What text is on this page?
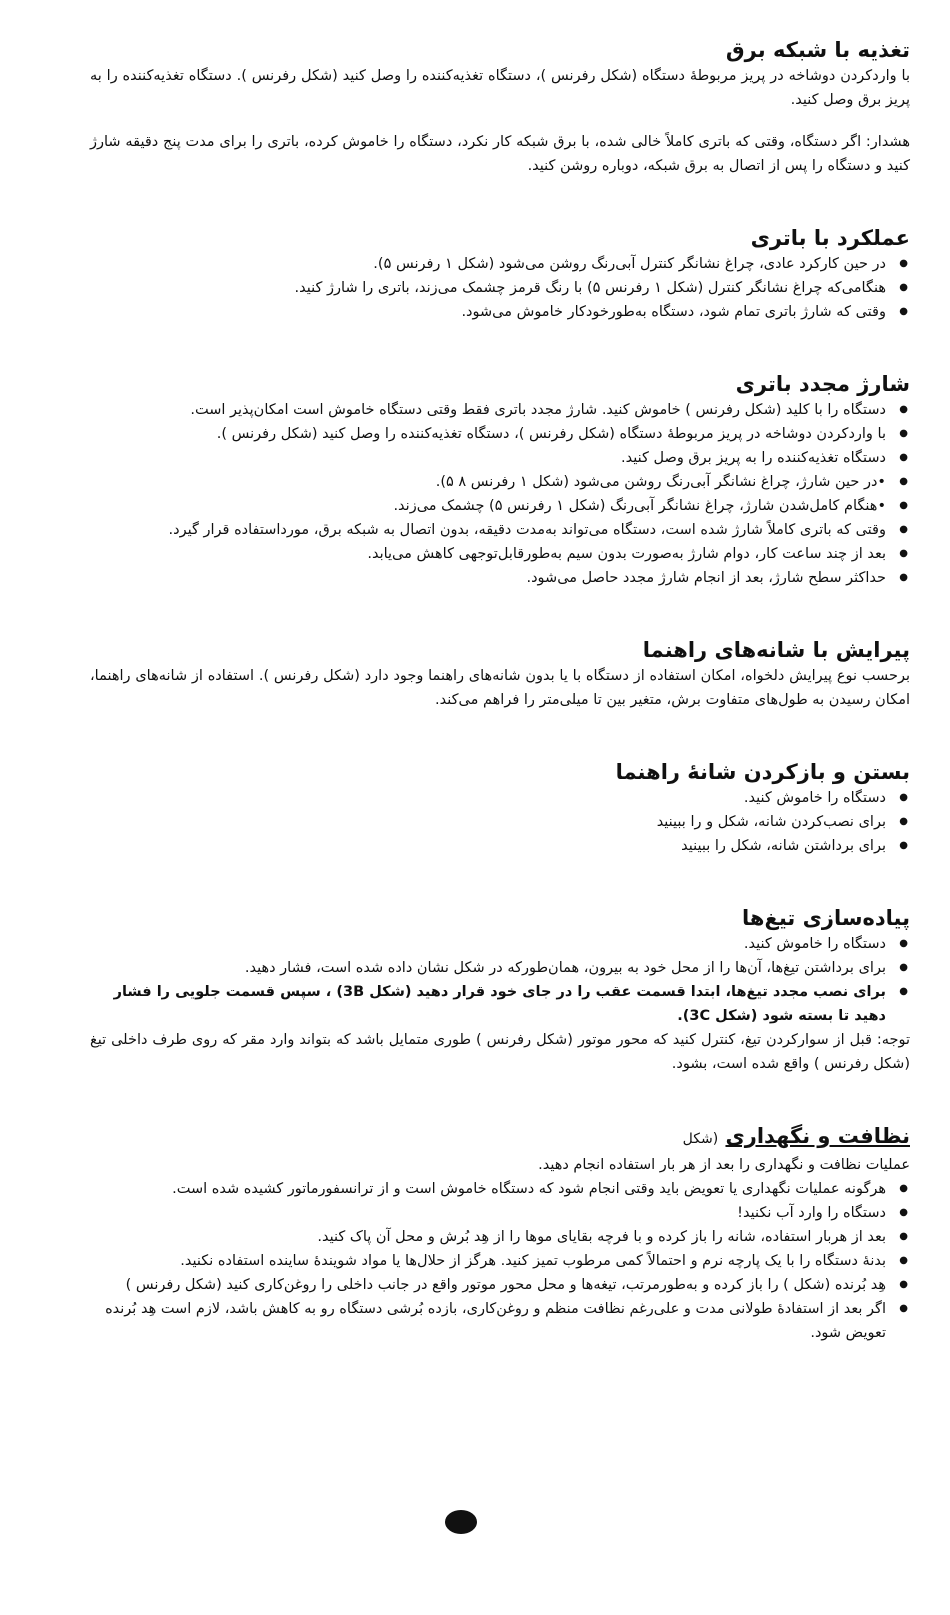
تغذیه با شبکه برق

با واردکردن دوشاخه در پریز مربوطهٔ دستگاه (شکل رفرنس )، دستگاه تغذیه‌کننده را وصل کنید (شکل رفرنس ). دستگاه تغذیه‌کننده را به پریز برق وصل کنید.

هشدار: اگر دستگاه، وقتی که باتری کاملاً خالی شده، با برق شبکه کار نکرد، دستگاه را خاموش کرده، باتری را برای مدت پنج دقیقه شارژ کنید و دستگاه را پس از اتصال به برق شبکه، دوباره روشن کنید.

عملکرد با باتری
● در حین کارکرد عادی، چراغ نشانگر کنترل آبی‌رنگ روشن می‌شود (شکل ۱ رفرنس ۵).
● هنگامی‌که چراغ نشانگر کنترل (شکل ۱ رفرنس ۵) با رنگ قرمز چشمک می‌زند، باتری را شارژ کنید.
● وقتی که شارژ باتری تمام شود، دستگاه به‌طورخودکار خاموش می‌شود.
شارژ مجدد باتری
● دستگاه را با کلید (شکل رفرنس ) خاموش کنید. شارژ مجدد باتری فقط وقتی دستگاه خاموش است امکان‌پذیر است.
● با واردکردن دوشاخه در پریز مربوطهٔ دستگاه (شکل رفرنس )، دستگاه تغذیه‌کننده را وصل کنید (شکل رفرنس ).
● دستگاه تغذیه‌کننده را به پریز برق وصل کنید.
● •در حین شارژ، چراغ نشانگر آبی‌رنگ روشن می‌شود (شکل ۱ رفرنس ۸ ۵).
● •هنگام کامل‌شدن شارژ، چراغ نشانگر آبی‌رنگ (شکل ۱ رفرنس ۵) چشمک می‌زند.
● وقتی که باتری کاملاً شارژ شده است، دستگاه می‌تواند به‌مدت دقیقه، بدون اتصال به شبکه برق، مورداستفاده قرار گیرد.
● بعد از چند ساعت کار، دوام شارژ به‌صورت بدون سیم به‌طورقابل‌توجهی کاهش می‌یابد.
● حداکثر سطح شارژ، بعد از انجام شارژ مجدد حاصل می‌شود.
پیرایش با شانه‌های راهنما

برحسب نوع پیرایش دلخواه، امکان استفاده از دستگاه با یا بدون شانه‌های راهنما وجود دارد (شکل رفرنس ). استفاده از شانه‌های راهنما، امکان رسیدن به طول‌های متفاوت برش، متغیر بین تا میلی‌متر را فراهم می‌کند.

بستن و بازکردن شانهٔ راهنما
● دستگاه را خاموش کنید.
● برای نصب‌کردن شانه، شکل و را ببینید
● برای برداشتن شانه، شکل را ببینید
پیاده‌سازی تیغ‌ها
● دستگاه را خاموش کنید.
● برای برداشتن تیغ‌ها، آن‌ها را از محل خود به بیرون، همان‌طورکه در شکل نشان داده شده است، فشار دهید.
● برای نصب مجدد تیغ‌ها، ابتدا قسمت عقب را در جای خود قرار دهید (شکل 3B) ، سپس قسمت جلویی را فشار دهید تا بسته شود (شکل 3C).

توجه: قبل از سوارکردن تیغ، کنترل کنید که محور موتور (شکل رفرنس ) طوری متمایل باشد که بتواند وارد مقر که روی طرف داخلی تیغ (شکل رفرنس ) واقع شده است، بشود.

نظافت و نگهداری (شکل

عملیات نظافت و نگهداری را بعد از هر بار استفاده انجام دهید.

● هرگونه عملیات نگهداری یا تعویض باید وقتی انجام شود که دستگاه خاموش است و از ترانسفورماتور کشیده شده است.
● دستگاه را وارد آب نکنید!
● بعد از هربار استفاده، شانه را باز کرده و با فرچه بقایای موها را از هِد بُرش و محل آن پاک کنید.
● بدنهٔ دستگاه را با یک پارچه نرم و احتمالاً کمی مرطوب تمیز کنید. هرگز از حلال‌ها یا مواد شویندهٔ ساینده استفاده نکنید.
● هِد بُرنده (شکل ) را باز کرده و به‌طورمرتب، تیغه‌ها و محل محور موتور واقع در جانب داخلی را روغن‌کاری کنید (شکل رفرنس )
● اگر بعد از استفادهٔ طولانی مدت و علی‌رغم نظافت منظم و روغن‌کاری، بازده بُرشی دستگاه رو به کاهش باشد، لازم است هِد بُرنده تعویض شود.
